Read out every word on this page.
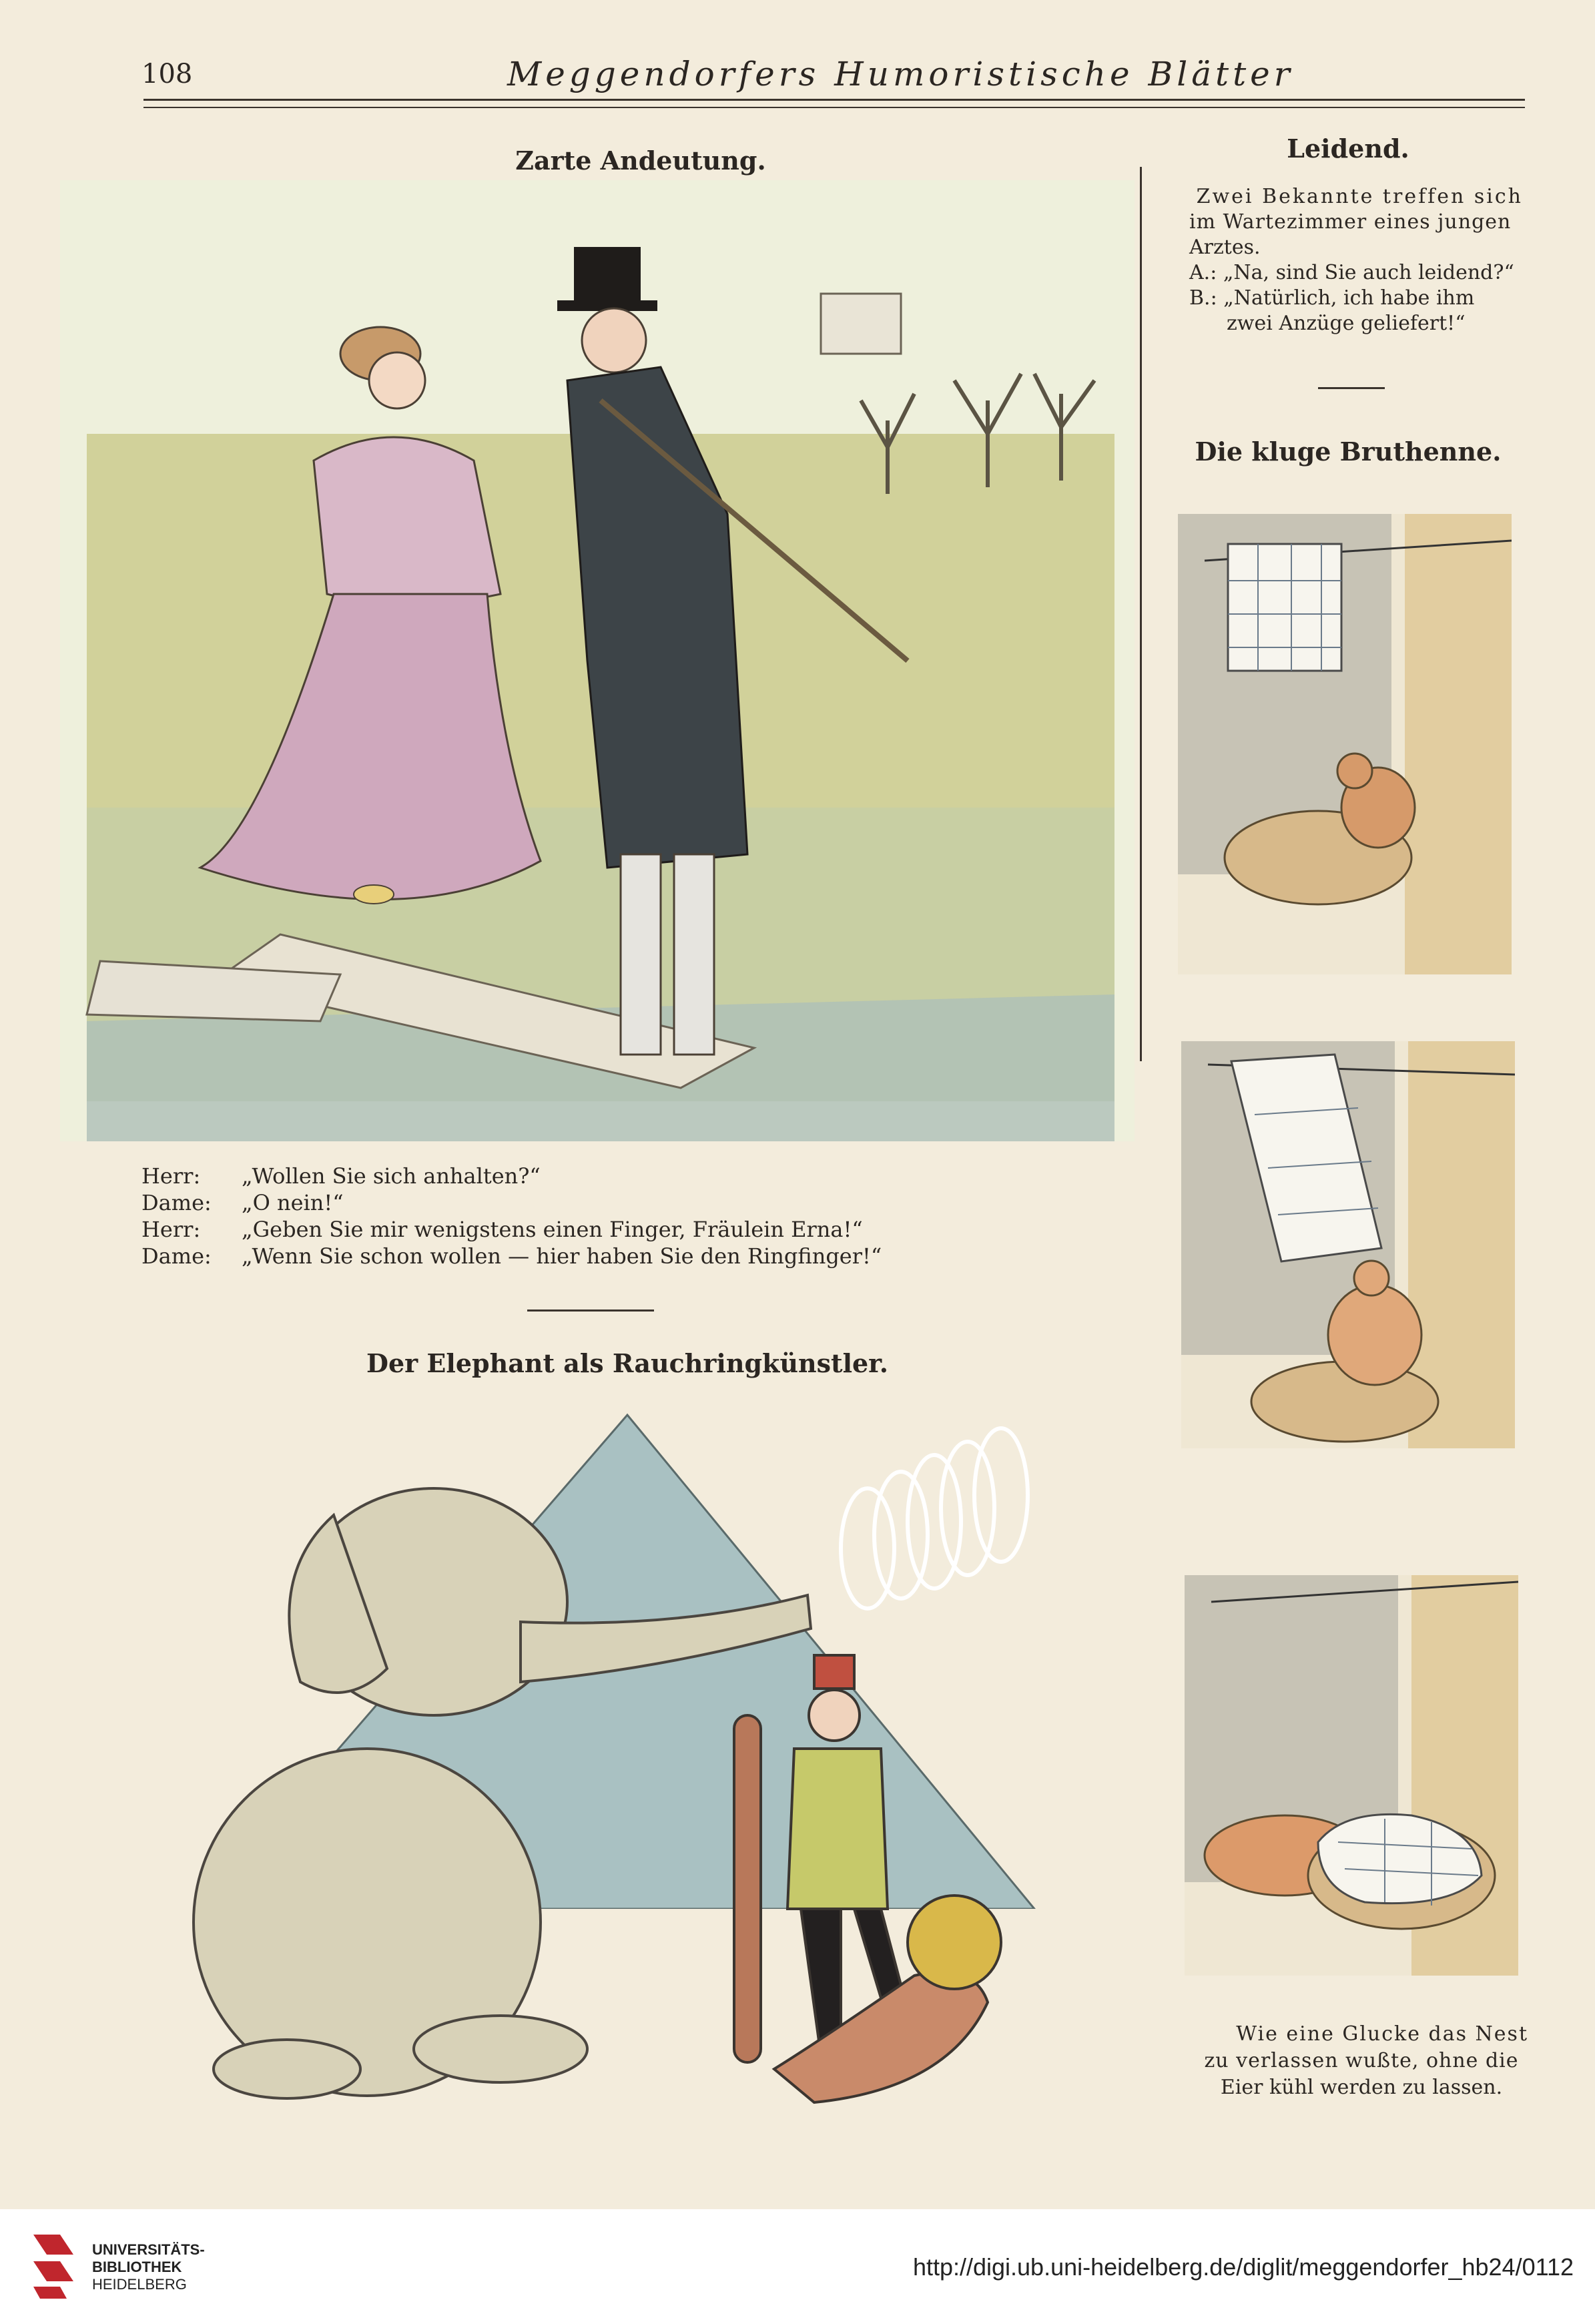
108	Meggendorfers Humoristische Blätter
Zarte Andeutung.
Herr: „Wollen Sie sich anhalten?“
Dame: „O nein!“
Herr: „Geben Sie mir wenigstens einen Finger, Fräulein Erna!“
Dame: „Wenn Sie schon wollen — hier haben Sie den Ringfinger!“
Der Elephant als Rauchringkünstler.
Leidend.
Zwei Bekannte treffen sich
im Wartezimmer eines jungen
Arztes.
A.: „Na, sind Sie auch leidend?“
B.: „Natürlich, ich habe ihm
zwei Anzüge geliefert!“
Die kluge Bruthenne.
Wie eine Glucke das Nest
zu verlassen wußte, ohne die
Eier kühl werden zu lassen.
UNIVERSITÄTS-
BIBLIOTHEK
HEIDELBERG
http://digi.ub.uni-heidelberg.de/diglit/meggendorfer_hb24/0112
